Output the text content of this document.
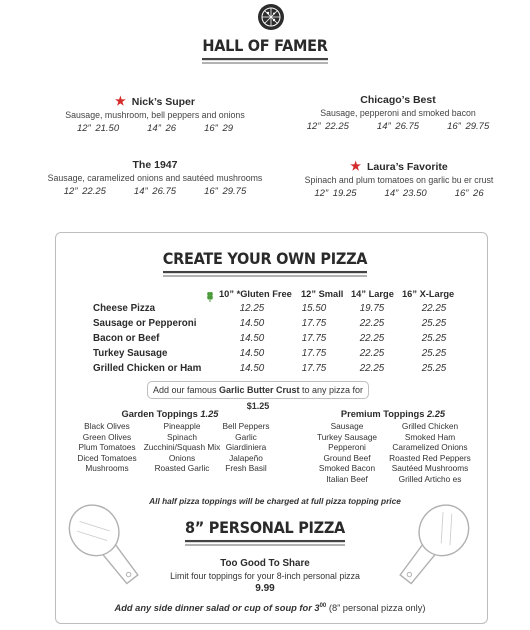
HALL OF FAMER
★ Nick’s Super
Sausage, mushroom, bell peppers and onions
12” 21.50	14” 26	16” 29
Chicago’s Best
Sausage, pepperoni and smoked bacon
12” 22.25	14” 26.75	16” 29.75
The 1947
Sausage, caramelized onions and sautéed mushrooms
12” 22.25	14” 26.75	16” 29.75
★ Laura’s Favorite
Spinach and plum tomatoes on garlic bu er crust
12” 19.25	14” 23.50	16” 26
CREATE YOUR OWN PIZZA
10” *Gluten Free 12” Small 14” Large 16” X-Large
Cheese Pizza	12.25	15.50	19.75	22.25
Sausage or Pepperoni	14.50	17.75	22.25	25.25
Bacon or Beef	14.50	17.75	22.25	25.25
Turkey Sausage	14.50	17.75	22.25	25.25
Grilled Chicken or Ham	14.50	17.75	22.25	25.25
Add our famous Garlic Butter Crust to any pizza for $1.25
Garden Toppings 1.25
Black Olives
Green Olives
Plum Tomatoes
Diced Tomatoes
Mushrooms
Pineapple
Spinach
Zucchini/Squash Mix
Onions
Roasted Garlic
Bell Peppers
Garlic
Giardiniera
Jalapeño
Fresh Basil
Premium Toppings 2.25
Sausage
Turkey Sausage
Pepperoni
Ground Beef
Smoked Bacon
Italian Beef
Grilled Chicken
Smoked Ham
Caramelized Onions
Roasted Red Peppers
Sautéed Mushrooms
Grilled Articho es
All half pizza toppings will be charged at full pizza topping price
8” PERSONAL PIZZA
Too Good To Share
Limit four toppings for your 8-inch personal pizza
9.99
Add any side dinner salad or cup of soup for $3^{00}$ (8” personal pizza only)
